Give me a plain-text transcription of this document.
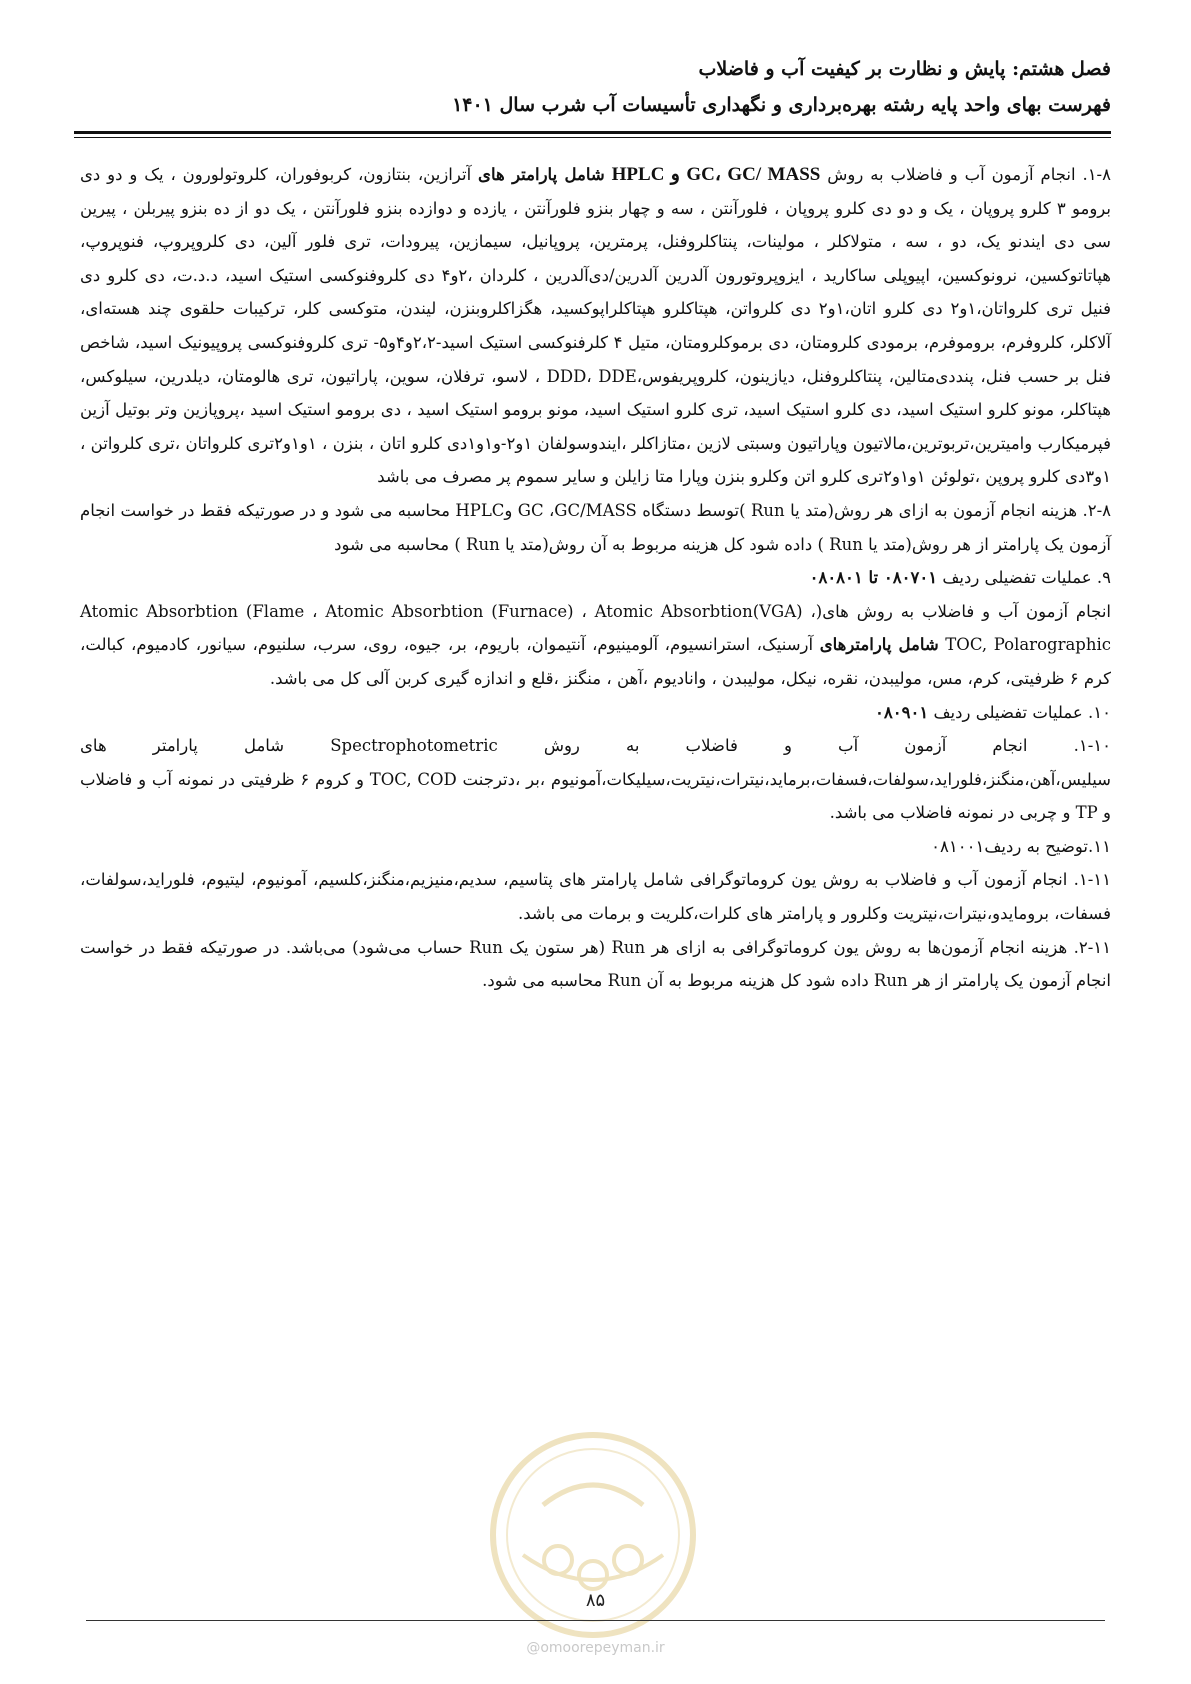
فصل هشتم: پایش و نظارت بر کیفیت آب و فاضلاب
فهرست بهای واحد پایه رشته بهره‌برداری و نگهداری تأسیسات آب شرب سال ۱۴۰۱

۱-۸. انجام آزمون آب و فاضلاب به روش GC، GC/ MASS و HPLC شامل پارامتر های آترازین، بنتازون، کربوفوران، کلروتولورون ، یک و دو دی برومو ۳ کلرو پروپان ، یک و دو دی کلرو پروپان ، فلورآنتن ، سه و چهار بنزو فلورآنتن ، یازده و دوازده بنزو فلورآنتن ، یک دو از ده بنزو پیربلن ، پیرین سی دی ایندنو یک، دو ، سه ، متولاکلر ، مولینات، پنتاکلروفنل، پرمترین، پروپانیل، سیمازین، پیرودات، تری فلور آلین، دی کلروپروپ، فنوپروپ، هپاتاتوکسین، نرونوکسین، اپیوپلی ساکارید ، ایزوپروتورون آلدرین آلدرین/دی‌آلدرین ، کلردان ،۲و۴ دی کلروفنوکسی استیک اسید، د.د.ت، دی کلرو دی فنیل تری کلرواتان،۱و۲ دی کلرو اتان،۱و۲ دی کلرواتن، هپتاکلرو هپتاکلراپوکسید، هگزاکلروبنزن، لیندن، متوکسی کلر، ترکیبات حلقوی چند هسته‌ای، آلاکلر، کلروفرم، بروموفرم، برمودی کلرومتان، دی برموکلرومتان، متیل ۴ کلرفنوکسی استیک اسید-۲،۲و۴و۵- تری کلروفنوکسی پروپیونیک اسید، شاخص فنل بر حسب فنل، پنددی‌متالین، پنتاکلروفنل، دیازینون، کلروپریفوس،DDD، DDE ، لاسو، ترفلان، سوین، پاراتیون، تری هالومتان، دیلدرین، سیلوکس، هپتاکلر، مونو کلرو استیک اسید، دی کلرو استیک اسید، تری کلرو استیک اسید، مونو برومو استیک اسید ، دی برومو استیک اسید ،پروپازین وتر بوتیل آزین فپرمیکارب وامیترین،تربوترین،مالاتیون وپاراتیون وسبتی لازین ،متازاکلر ،ایندوسولفان ۱و۲-و۱و۱دی کلرو اتان ، بنزن ، ۱و۱و۲تری کلرواتان ،تری کلرواتن ، ۱و۳دی کلرو پروپن ،تولوئن ۱و۱و۲تری کلرو اتن وکلرو بنزن وپارا متا زایلن و سایر سموم پر مصرف می باشد

۲-۸. هزینه انجام آزمون به ازای هر روش(متد یا Run )توسط دستگاه GC ،GC/MASS وHPLC محاسبه می شود و در صورتیکه فقط در خواست انجام آزمون یک پارامتر از هر روش(متد یا Run ) داده شود کل هزینه مربوط به آن روش(متد یا Run ) محاسبه می شود

۹. عملیات تفضیلی ردیف ۰۸۰۷۰۱ تا ۰۸۰۸۰۱

انجام آزمون آب و فاضلاب به روش های(Atomic Absorbtion (Flame ، Atomic Absorbtion (Furnace) ، Atomic Absorbtion(VGA) ، TOC, Polarographic شامل پارامترهای آرسنیک، استرانسیوم، آلومینیوم، آنتیموان، باریوم، بر، جیوه، روی، سرب، سلنیوم، سیانور، کادمیوم، کبالت، کرم ۶ ظرفیتی، کرم، مس، مولیبدن، نقره، نیکل، مولیبدن ، وانادیوم ،آهن ، منگنز ،قلع و اندازه گیری کربن آلی کل می باشد.

۱۰. عملیات تفضیلی ردیف ۰۸۰۹۰۱

۱-۱۰. انجام آزمون آب و فاضلاب به روش Spectrophotometric شامل پارامتر های سیلیس،آهن،منگنز،فلوراید،سولفات،فسفات،برماید،نیترات،نیتریت،سیلیکات،آمونیوم ،بر ،دترجنت TOC, COD و کروم ۶ ظرفیتی در نمونه آب و فاضلاب و TP و چربی در نمونه فاضلاب می باشد.

۱۱.توضیح به ردیف۰۸۱۰۰۱

۱-۱۱. انجام آزمون آب و فاضلاب به روش یون کروماتوگرافی شامل پارامتر های پتاسیم، سدیم،منیزیم،منگنز،کلسیم، آمونیوم، لیتیوم، فلوراید،سولفات، فسفات، برومایدو،نیترات،نیتریت وکلرور و پارامتر های کلرات،کلریت و برمات می باشد.

۲-۱۱. هزینه انجام آزمون‌ها به روش یون کروماتوگرافی به ازای هر Run (هر ستون یک Run حساب می‌شود) می‌باشد. در صورتیکه فقط در خواست انجام آزمون یک پارامتر از هر Run داده شود کل هزینه مربوط به آن Run محاسبه می شود.

۸۵
@omoorepeyman.ir
